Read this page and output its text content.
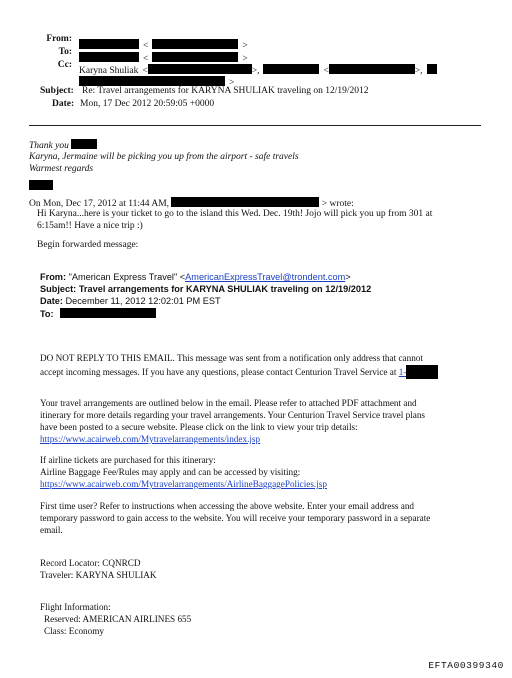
From:
<	>
To:
<	>
Cc:
Karyna Shuliak <	>,	<	>,
>
Subject: Re: Travel arrangements for KARYNA SHULIAK traveling on 12/19/2012
Date: Mon, 17 Dec 2012 20:59:05 +0000
Thank you
Karyna, Jermaine will be picking you up from the airport - safe travels
Warmest regards
On Mon, Dec 17, 2012 at 11:44 AM,	> wrote:
Hi Karyna...here is your ticket to go to the island this Wed. Dec. 19th! Jojo will pick you up from 301 at
6:15am!! Have a nice trip :)
Begin forwarded message:
From: "American Express Travel" <AmericanExpressTravel@trondent.com>
Subject: Travel arrangements for KARYNA SHULIAK traveling on 12/19/2012
Date: December 11, 2012 12:02:01 PM EST
To:
DO NOT REPLY TO THIS EMAIL. This message was sent from a notification only address that cannot
accept incoming messages. If you have any questions, please contact Centurion Travel Service at 1-
Your travel arrangements are outlined below in the email. Please refer to attached PDF attachment and
itinerary for more details regarding your travel arrangements. Your Centurion Travel Service travel plans
have been posted to a secure website. Please click on the link to view your trip details:
https://www.acairweb.com/Mytravelarrangements/index.jsp
If airline tickets are purchased for this itinerary:
Airline Baggage Fee/Rules may apply and can be accessed by visiting:
https://www.acairweb.com/Mytravelarrangements/AirlineBaggagePolicies.jsp
First time user? Refer to instructions when accessing the above website. Enter your email address and
temporary password to gain access to the website. You will receive your temporary password in a separate
email.
Record Locator: CQNRCD
Traveler: KARYNA SHULIAK
Flight Information:
Reserved: AMERICAN AIRLINES 655
Class: Economy
EFTA00399340
